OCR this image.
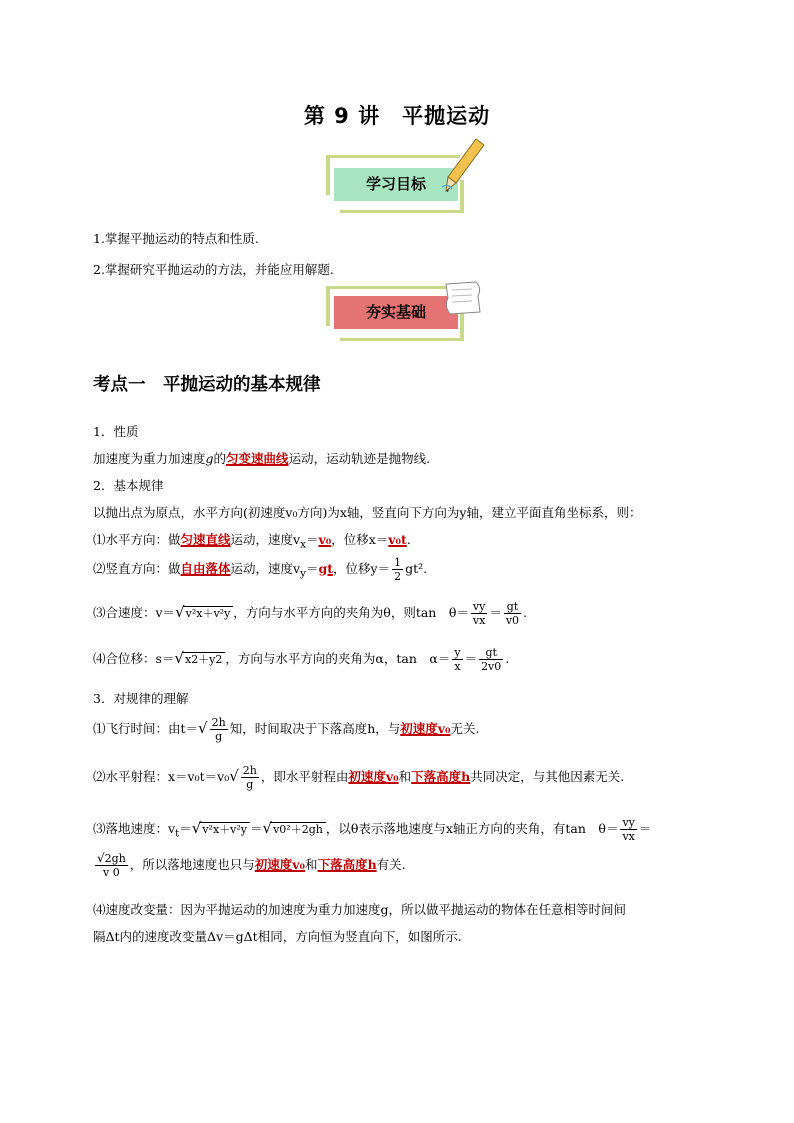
第 9 讲　平抛运动
学习目标
1.掌握平抛运动的特点和性质.
2.掌握研究平抛运动的方法，并能应用解题.
夯实基础
考点一　平抛运动的基本规律
1．性质
加速度为重力加速度g的匀变速曲线运动，运动轨迹是抛物线.
2．基本规律
以抛出点为原点，水平方向(初速度v₀方向)为x轴，竖直向下方向为y轴，建立平面直角坐标系，则：
⑴水平方向：做匀速直线运动，速度$v_x=v_0$，位移x＝v₀t.
⑵竖直方向：做自由落体运动，速度$v_y=gt$，位移$y= \frac{1}{2} gt^2$.
⑶合速度：v＝√v²x＋v²y ，方向与水平方向的夹角为θ，则tan　$\theta= \frac{vy}{vx} = \frac{gt}{v0}$ .
⑷合位移：s＝√x2＋y2 ，方向与水平方向的夹角为α，tan　$\alpha= \frac{y}{x} = \frac{gt}{2v0}$ .
3．对规律的理解
⑴飞行时间：由$t=√ \frac{2h}{g}$ 知，时间取决于下落高度h，与初速度v₀无关.
⑵水平射程：$x=v_0t=v_0√ \frac{2h}{g}$ ，即水平射程由初速度v₀和下落高度h共同决定，与其他因素无关.
⑶落地速度：$v_t=√v^2x+v^2y =√v0^2+2gh$ ，以θ表示落地速度与x轴正方向的夹角，有tan　$\theta= \frac{vy}{vx}$ ＝
$\frac{√2gh}{v 0}$ ，所以落地速度也只与初速度v₀和下落高度h有关.
⑷速度改变量：因为平抛运动的加速度为重力加速度g，所以做平抛运动的物体在任意相等时间间
隔Δt内的速度改变量Δv＝gΔt相同，方向恒为竖直向下，如图所示.
